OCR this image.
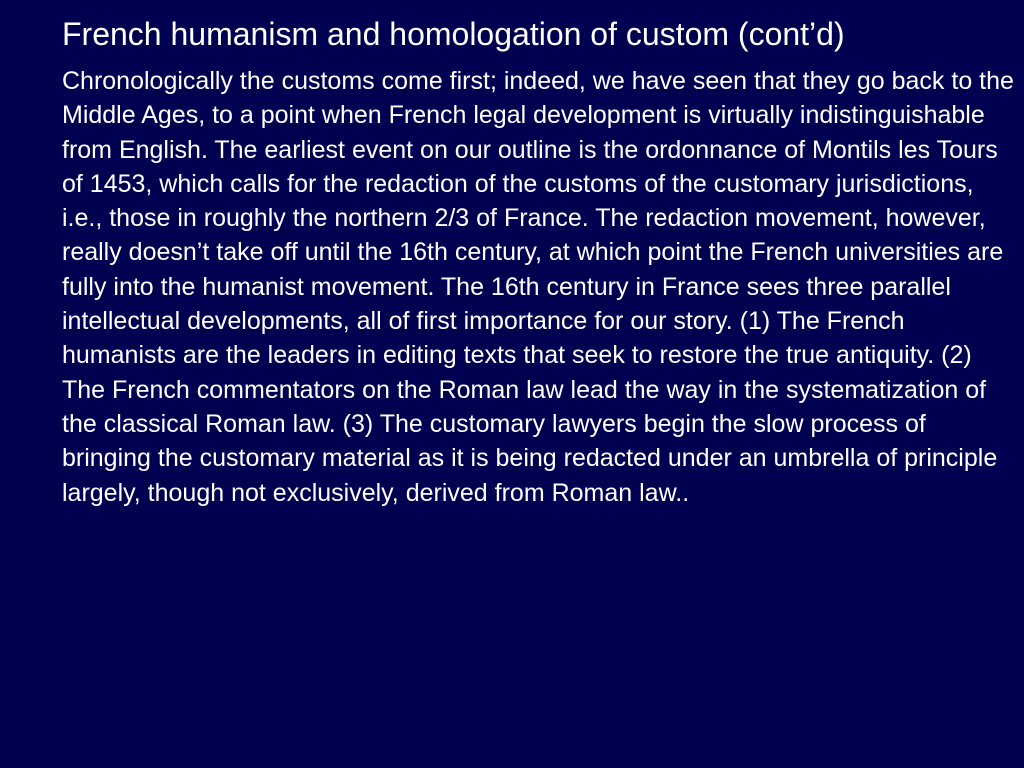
French humanism and homologation of custom (cont’d)

Chronologically the customs come first; indeed, we have seen that they go back to the Middle Ages, to a point when French legal development is virtually indistinguishable from English. The earliest event on our outline is the ordonnance of Montils les Tours of 1453, which calls for the redaction of the customs of the customary jurisdictions, i.e., those in roughly the northern 2/3 of France. The redaction movement, however, really doesn’t take off until the 16th century, at which point the French universities are fully into the humanist movement. The 16th century in France sees three parallel intellectual developments, all of first importance for our story. (1) The French humanists are the leaders in editing texts that seek to restore the true antiquity. (2) The French commentators on the Roman law lead the way in the systematization of the classical Roman law. (3) The customary lawyers begin the slow process of bringing the customary material as it is being redacted under an umbrella of principle largely, though not exclusively, derived from Roman law..
